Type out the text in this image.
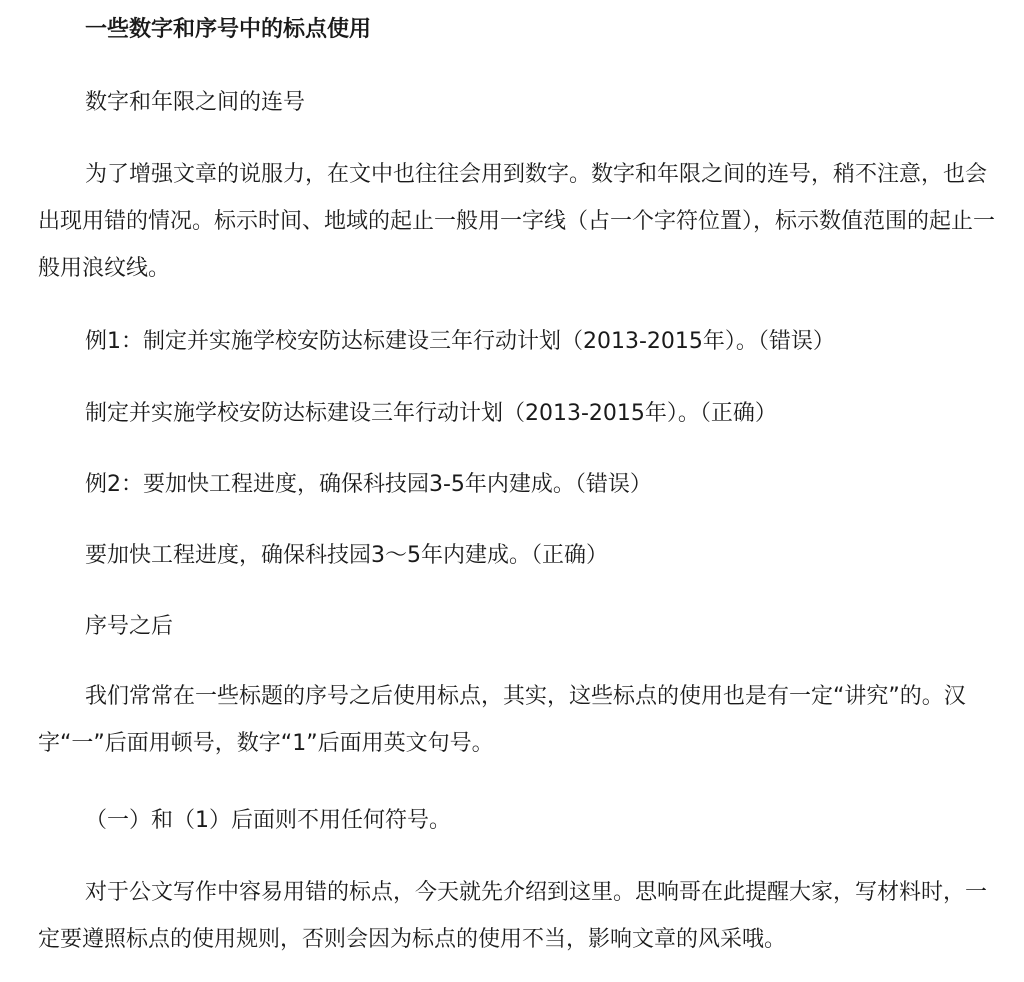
一些数字和序号中的标点使用

数字和年限之间的连号

为了增强文章的说服力，在文中也往往会用到数字。数字和年限之间的连号，稍不注意，也会出现用错的情况。标示时间、地域的起止一般用一字线（占一个字符位置），标示数值范围的起止一般用浪纹线。

例1：制定并实施学校安防达标建设三年行动计划（2013-2015年）。（错误）

制定并实施学校安防达标建设三年行动计划（2013-2015年）。（正确）

例2：要加快工程进度，确保科技园3-5年内建成。（错误）

要加快工程进度，确保科技园3～5年内建成。（正确）

序号之后

我们常常在一些标题的序号之后使用标点，其实，这些标点的使用也是有一定“讲究”的。汉字“一”后面用顿号，数字“1”后面用英文句号。

（一）和（1）后面则不用任何符号。

对于公文写作中容易用错的标点，今天就先介绍到这里。思响哥在此提醒大家，写材料时，一定要遵照标点的使用规则，否则会因为标点的使用不当，影响文章的风采哦。
